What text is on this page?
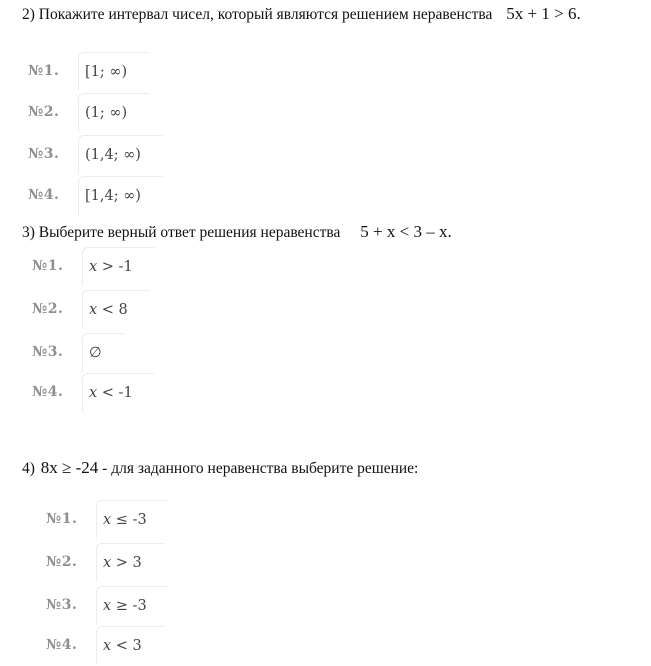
2) Покажите интервал чисел, который являются решением неравенства 5x + 1 > 6.
№1.	[1; ∞)
№2.	(1; ∞)
№3.	(1,4; ∞)
№4.	[1,4; ∞)
3) Выберите верный ответ решения неравенства 5 + x < 3 – x.
№1.	𝑥 > -1
№2.	𝑥 < 8
№3.	∅
№4.	𝑥 < -1
4) 8x ≥ -24 - для заданного неравенства выберите решение:
№1.	𝑥 ≤ -3
№2.	𝑥 > 3
№3.	𝑥 ≥ -3
№4.	𝑥 < 3
